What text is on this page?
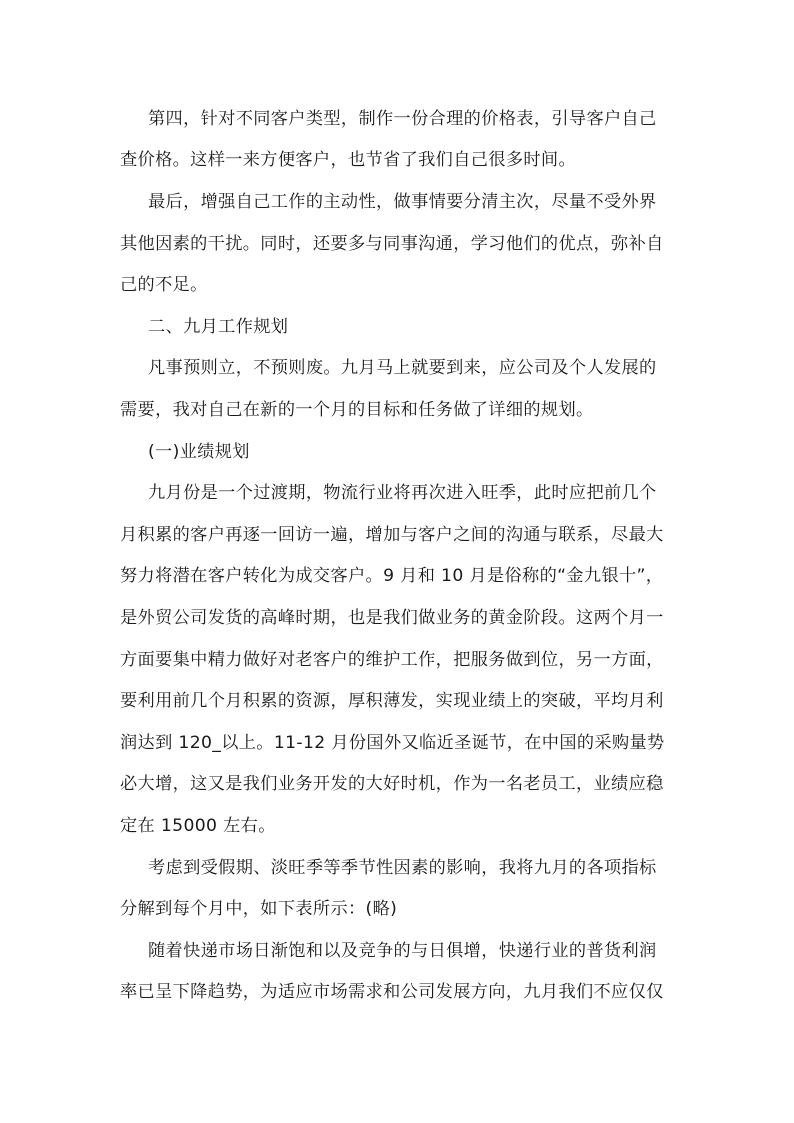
第四，针对不同客户类型，制作一份合理的价格表，引导客户自己
查价格。这样一来方便客户，也节省了我们自己很多时间。
最后，增强自己工作的主动性，做事情要分清主次，尽量不受外界
其他因素的干扰。同时，还要多与同事沟通，学习他们的优点，弥补自
己的不足。
二、九月工作规划
凡事预则立，不预则废。九月马上就要到来，应公司及个人发展的
需要，我对自己在新的一个月的目标和任务做了详细的规划。
(一)业绩规划
九月份是一个过渡期，物流行业将再次进入旺季，此时应把前几个
月积累的客户再逐一回访一遍，增加与客户之间的沟通与联系，尽最大
努力将潜在客户转化为成交客户。9 月和 10 月是俗称的“金九银十”，
是外贸公司发货的高峰时期，也是我们做业务的黄金阶段。这两个月一
方面要集中精力做好对老客户的维护工作，把服务做到位，另一方面，
要利用前几个月积累的资源，厚积薄发，实现业绩上的突破，平均月利
润达到 120_以上。11-12 月份国外又临近圣诞节，在中国的采购量势
必大增，这又是我们业务开发的大好时机，作为一名老员工，业绩应稳
定在 15000 左右。
考虑到受假期、淡旺季等季节性因素的影响，我将九月的各项指标
分解到每个月中，如下表所示：(略)
随着快递市场日渐饱和以及竞争的与日俱增，快递行业的普货利润
率已呈下降趋势，为适应市场需求和公司发展方向，九月我们不应仅仅
